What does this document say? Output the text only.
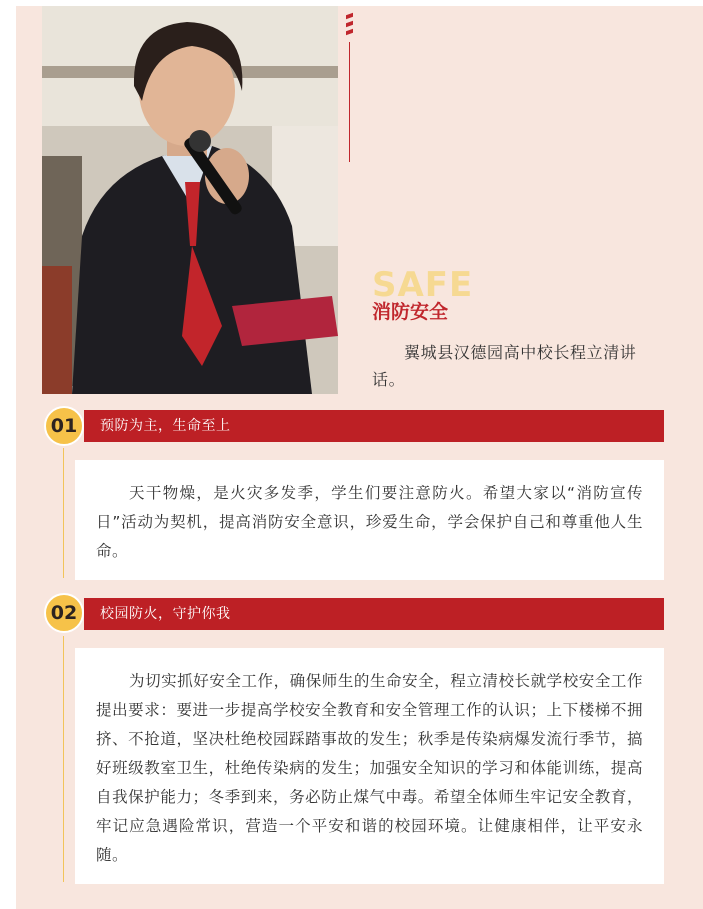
SAFE
消防安全
翼城县汉德园高中校长程立清讲话。
01	预防为主，生命至上
天干物燥，是火灾多发季，学生们要注意防火。希望大家以“消防宣传日”活动为契机，提高消防安全意识，珍爱生命，学会保护自己和尊重他人生命。
02	校园防火，守护你我
为切实抓好安全工作，确保师生的生命安全，程立清校长就学校安全工作提出要求：要进一步提高学校安全教育和安全管理工作的认识；上下楼梯不拥挤、不抢道，坚决杜绝校园踩踏事故的发生；秋季是传染病爆发流行季节，搞好班级教室卫生，杜绝传染病的发生；加强安全知识的学习和体能训练，提高自我保护能力；冬季到来，务必防止煤气中毒。希望全体师生牢记安全教育，牢记应急遇险常识，营造一个平安和谐的校园环境。让健康相伴，让平安永随。
